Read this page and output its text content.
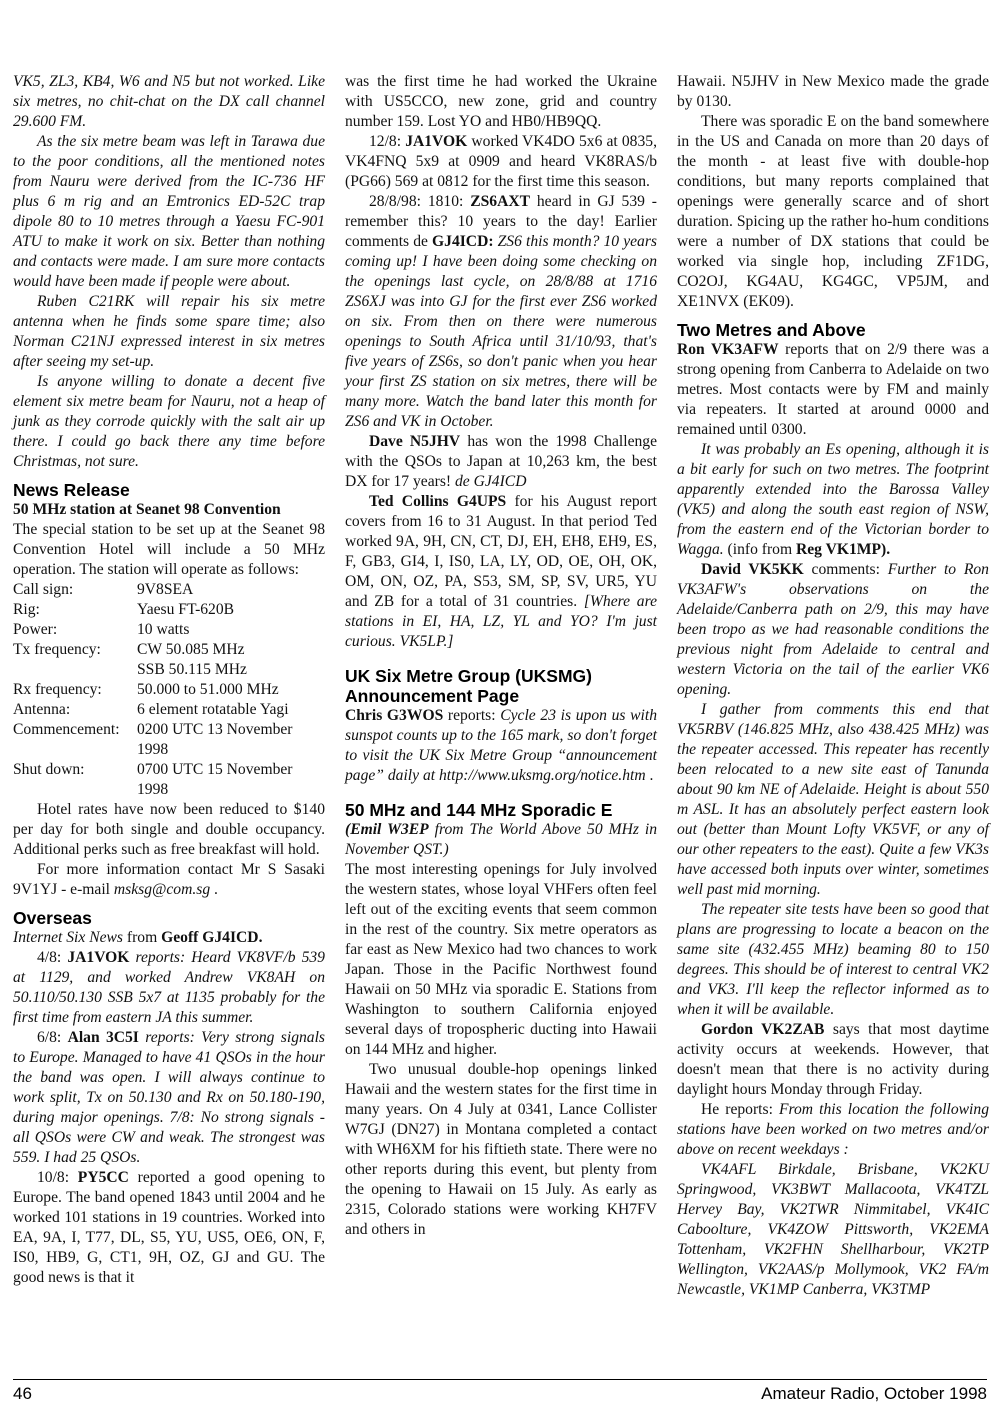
VK5, ZL3, KB4, W6 and N5 but not worked. Like six metres, no chit-chat on the DX call channel 29.600 FM.

As the six metre beam was left in Tarawa due to the poor conditions, all the mentioned notes from Nauru were derived from the IC-736 HF plus 6 m rig and an Emtronics ED-52C trap dipole 80 to 10 metres through a Yaesu FC-901 ATU to make it work on six. Better than nothing and contacts were made. I am sure more contacts would have been made if people were about.

Ruben C21RK will repair his six metre antenna when he finds some spare time; also Norman C21NJ expressed interest in six metres after seeing my set-up.

Is anyone willing to donate a decent five element six metre beam for Nauru, not a heap of junk as they corrode quickly with the salt air up there. I could go back there any time before Christmas, not sure.

News Release

50 MHz station at Seanet 98 Convention

The special station to be set up at the Seanet 98 Convention Hotel will include a 50 MHz operation. The station will operate as follows:

Call sign:	9V8SEA
Rig:	Yaesu FT-620B
Power:	10 watts
Tx frequency:	CW 50.085 MHz

SSB 50.115 MHz
Rx frequency:	50.000 to 51.000 MHz
Antenna:	6 element rotatable Yagi
Commencement:	0200 UTC 13 November

1998
Shut down:	0700 UTC 15 November

1998

Hotel rates have now been reduced to $140 per day for both single and double occupancy. Additional perks such as free breakfast will hold.

For more information contact Mr S Sasaki 9V1YJ - e-mail msksg@com.sg .

Overseas

Internet Six News from Geoff GJ4ICD.

4/8: JA1VOK reports: Heard VK8VF/b 539 at 1129, and worked Andrew VK8AH on 50.110/50.130 SSB 5x7 at 1135 probably for the first time from eastern JA this summer.

6/8: Alan 3C5I reports: Very strong signals to Europe. Managed to have 41 QSOs in the hour the band was open. I will always continue to work split, Tx on 50.130 and Rx on 50.180-190, during major openings. 7/8: No strong signals - all QSOs were CW and weak. The strongest was 559. I had 25 QSOs.

10/8: PY5CC reported a good opening to Europe. The band opened 1843 until 2004 and he worked 101 stations in 19 countries. Worked into EA, 9A, I, T77, DL, S5, YU, US5, OE6, ON, F, IS0, HB9, G, CT1, 9H, OZ, GJ and GU. The good news is that it

was the first time he had worked the Ukraine with US5CCO, new zone, grid and country number 159. Lost YO and HB0/HB9QQ.

12/8: JA1VOK worked VK4DO 5x6 at 0835, VK4FNQ 5x9 at 0909 and heard VK8RAS/b (PG66) 569 at 0812 for the first time this season.

28/8/98: 1810: ZS6AXT heard in GJ 539 - remember this? 10 years to the day! Earlier comments de GJ4ICD: ZS6 this month? 10 years coming up! I have been doing some checking on the openings last cycle, on 28/8/88 at 1716 ZS6XJ was into GJ for the first ever ZS6 worked on six. From then on there were numerous openings to South Africa until 31/10/93, that's five years of ZS6s, so don't panic when you hear your first ZS station on six metres, there will be many more. Watch the band later this month for ZS6 and VK in October.

Dave N5JHV has won the 1998 Challenge with the QSOs to Japan at 10,263 km, the best DX for 17 years! de GJ4ICD

Ted Collins G4UPS for his August report covers from 16 to 31 August. In that period Ted worked 9A, 9H, CN, CT, DJ, EH, EH8, EH9, ES, F, GB3, GI4, I, IS0, LA, LY, OD, OE, OH, OK, OM, ON, OZ, PA, S53, SM, SP, SV, UR5, YU and ZB for a total of 31 countries. [Where are stations in EI, HA, LZ, YL and YO? I'm just curious. VK5LP.]

UK Six Metre Group (UKSMG) Announcement Page

Chris G3WOS reports: Cycle 23 is upon us with sunspot counts up to the 165 mark, so don't forget to visit the UK Six Metre Group “announcement page” daily at http://www.uksmg.org/notice.htm .

50 MHz and 144 MHz Sporadic E

(Emil W3EP from The World Above 50 MHz in November QST.)

The most interesting openings for July involved the western states, whose loyal VHFers often feel left out of the exciting events that seem common in the rest of the country. Six metre operators as far east as New Mexico had two chances to work Japan. Those in the Pacific Northwest found Hawaii on 50 MHz via sporadic E. Stations from Washington to southern California enjoyed several days of tropospheric ducting into Hawaii on 144 MHz and higher.

Two unusual double-hop openings linked Hawaii and the western states for the first time in many years. On 4 July at 0341, Lance Collister W7GJ (DN27) in Montana completed a contact with WH6XM for his fiftieth state. There were no other reports during this event, but plenty from the opening to Hawaii on 15 July. As early as 2315, Colorado stations were working KH7FV and others in

Hawaii. N5JHV in New Mexico made the grade by 0130.

There was sporadic E on the band somewhere in the US and Canada on more than 20 days of the month - at least five with double-hop conditions, but many reports complained that openings were generally scarce and of short duration. Spicing up the rather ho-hum conditions were a number of DX stations that could be worked via single hop, including ZF1DG, CO2OJ, KG4AU, KG4GC, VP5JM, and XE1NVX (EK09).

Two Metres and Above

Ron VK3AFW reports that on 2/9 there was a strong opening from Canberra to Adelaide on two metres. Most contacts were by FM and mainly via repeaters. It started at around 0000 and remained until 0300.

It was probably an Es opening, although it is a bit early for such on two metres. The footprint apparently extended into the Barossa Valley (VK5) and along the south east region of NSW, from the eastern end of the Victorian border to Wagga. (info from Reg VK1MP).

David VK5KK comments: Further to Ron VK3AFW's observations on the Adelaide/Canberra path on 2/9, this may have been tropo as we had reasonable conditions the previous night from Adelaide to central and western Victoria on the tail of the earlier VK6 opening.

I gather from comments this end that VK5RBV (146.825 MHz, also 438.425 MHz) was the repeater accessed. This repeater has recently been relocated to a new site east of Tanunda about 90 km NE of Adelaide. Height is about 550 m ASL. It has an absolutely perfect eastern look out (better than Mount Lofty VK5VF, or any of our other repeaters to the east). Quite a few VK3s have accessed both inputs over winter, sometimes well past mid morning.

The repeater site tests have been so good that plans are progressing to locate a beacon on the same site (432.455 MHz) beaming 80 to 150 degrees. This should be of interest to central VK2 and VK3. I'll keep the reflector informed as to when it will be available.

Gordon VK2ZAB says that most daytime activity occurs at weekends. However, that doesn't mean that there is no activity during daylight hours Monday through Friday.

He reports: From this location the following stations have been worked on two metres and/or above on recent weekdays :

VK4AFL Birkdale, Brisbane, VK2KU Springwood, VK3BWT Mallacoota, VK4TZL Hervey Bay, VK2TWR Nimmitabel, VK4IC Caboolture, VK4ZOW Pittsworth, VK2EMA Tottenham, VK2FHN Shellharbour, VK2TP Wellington, VK2AAS/p Mollymook, VK2 FA/m Newcastle, VK1MP Canberra, VK3TMP

46	Amateur Radio, October 1998
